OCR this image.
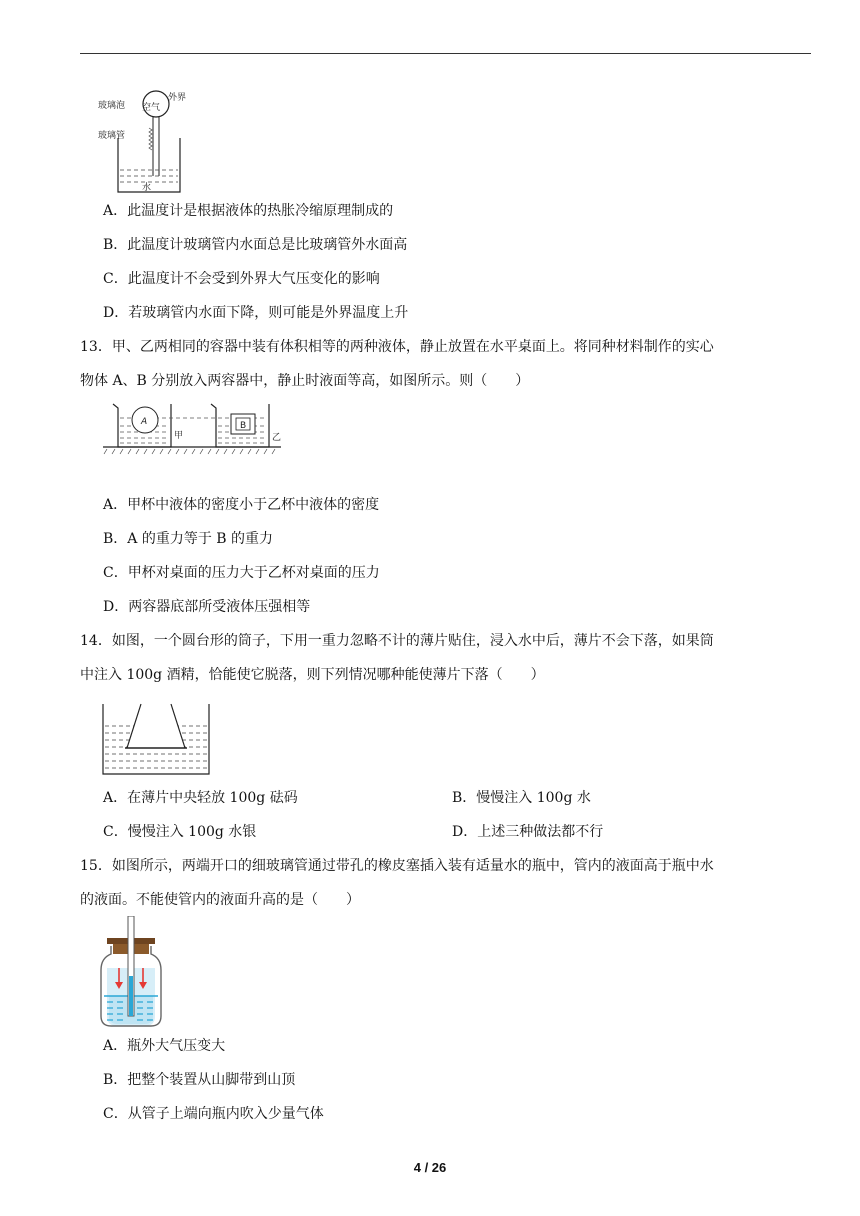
玻璃泡 空气
外界
玻璃管
水
A．此温度计是根据液体的热胀冷缩原理制成的
B．此温度计玻璃管内水面总是比玻璃管外水面高
C．此温度计不会受到外界大气压变化的影响
D．若玻璃管内水面下降，则可能是外界温度上升
13．甲、乙两相同的容器中装有体积相等的两种液体，静止放置在水平桌面上。将同种材料制作的实心
物体 A、B 分别放入两容器中，静止时液面等高，如图所示。则（　　）
A	B
甲	乙
A．甲杯中液体的密度小于乙杯中液体的密度
B．A 的重力等于 B 的重力
C．甲杯对桌面的压力大于乙杯对桌面的压力
D．两容器底部所受液体压强相等
14．如图，一个圆台形的筒子，下用一重力忽略不计的薄片贴住，浸入水中后，薄片不会下落，如果筒
中注入 100g 酒精，恰能使它脱落，则下列情况哪种能使薄片下落（　　）
A．在薄片中央轻放 100g 砝码	B．慢慢注入 100g 水
C．慢慢注入 100g 水银	D．上述三种做法都不行
15．如图所示，两端开口的细玻璃管通过带孔的橡皮塞插入装有适量水的瓶中，管内的液面高于瓶中水
的液面。不能使管内的液面升高的是（　　）
A．瓶外大气压变大
B．把整个装置从山脚带到山顶
C．从管子上端向瓶内吹入少量气体
4 / 26
